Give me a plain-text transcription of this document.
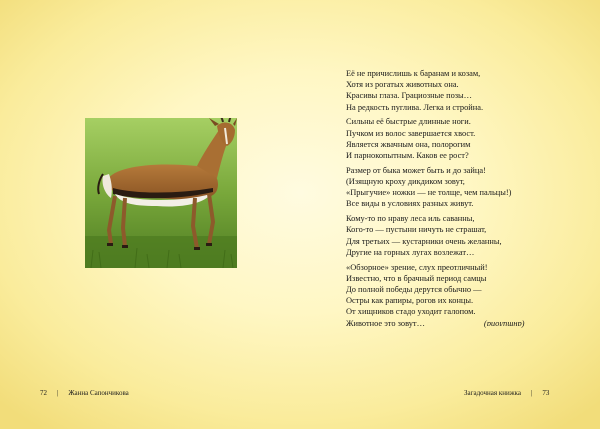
Её не причислишь к баранам и козам,
Хотя из рогатых животных она.
Красивы глаза. Грациозные позы…
На редкость пуглива. Легка и стройна.
Сильны её быстрые длинные ноги.
Пучком из волос завершается хвост.
Является жвачным она, полорогим
И парнокопытным. Каков ее рост?
Размер от быка может быть и до зайца!
(Изящную кроху дикдиком зовут,
«Прыгучие» ножки — не толще, чем пальцы!)
Все виды в условиях разных живут.
Кому-то по нраву леса иль саванны,
Кого-то — пустыни ничуть не страшат,
Для третьих — кустарники очень желанны,
Другие на горных лугах возлежат…
«Обзорное» зрение, слух преотличный!
Известно, что в брачный период самцы
До полной победы дерутся обычно —
Остры как рапиры, рогов их концы.
От хищников стадо уходит галопом.
Животное это зовут…	(антилопа)
72 | Жанна Сапончикова	Загадочная книжка | 73
